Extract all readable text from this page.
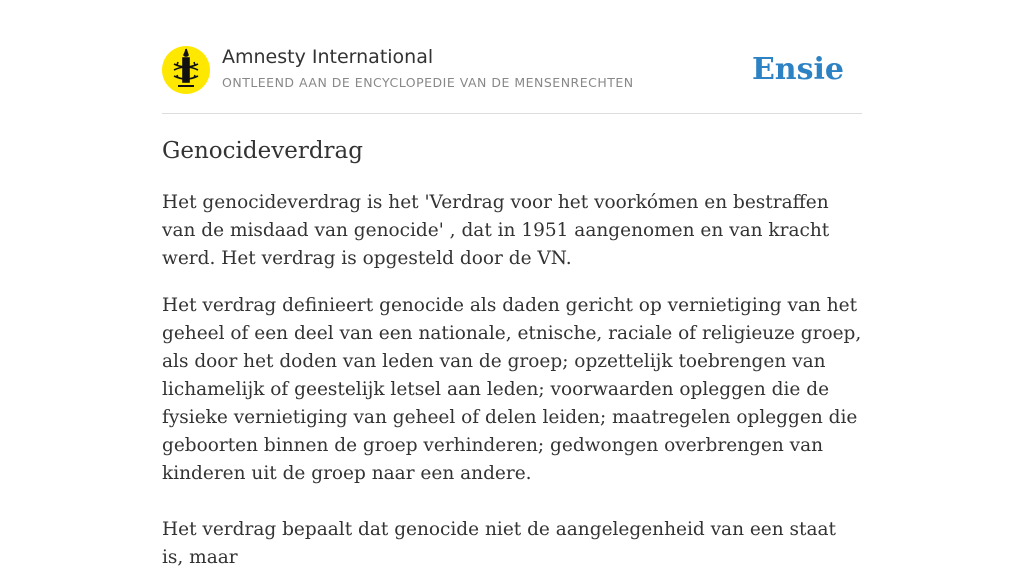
Amnesty International
ONTLEEND AAN DE ENCYCLOPEDIE VAN DE MENSENRECHTEN	Ensie
Genocideverdrag

Het genocideverdrag is het 'Verdrag voor het voorkómen en bestraffen van de misdaad van genocide' , dat in 1951 aangenomen en van kracht werd. Het verdrag is opgesteld door de VN.

Het verdrag definieert genocide als daden gericht op vernietiging van het geheel of een deel van een nationale, etnische, raciale of religieuze groep, als door het doden van leden van de groep; opzettelijk toebrengen van lichamelijk of geestelijk letsel aan leden; voorwaarden opleggen die de fysieke vernietiging van geheel of delen leiden; maatregelen opleggen die geboorten binnen de groep verhinderen; gedwongen overbrengen van kinderen uit de groep naar een andere.

Het verdrag bepaalt dat genocide niet de aangelegenheid van een staat is, maar
